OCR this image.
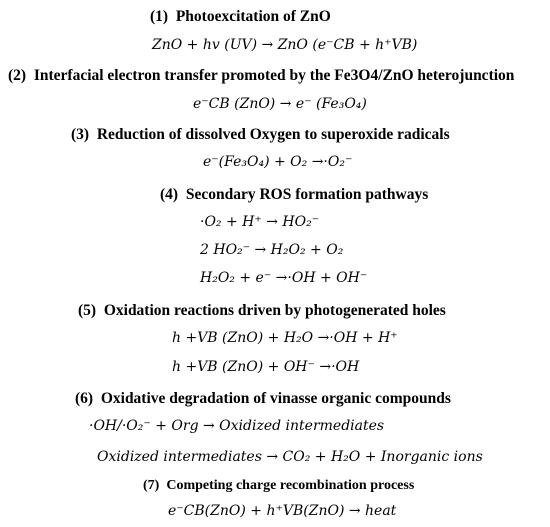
(1) Photoexcitation of ZnO
ZnO + hv (UV) → ZnO (e⁻CB + h⁺VB)
(2) Interfacial electron transfer promoted by the Fe3O4/ZnO heterojunction
e⁻CB (ZnO) → e⁻ (Fe₃O₄)
(3) Reduction of dissolved Oxygen to superoxide radicals
e⁻(Fe₃O₄) + O₂ →·O₂⁻
(4) Secondary ROS formation pathways
·O₂ + H⁺ → HO₂⁻
2 HO₂⁻ → H₂O₂ + O₂
H₂O₂ + e⁻ →·OH + OH⁻
(5) Oxidation reactions driven by photogenerated holes
h +VB (ZnO) + H₂O →·OH + H⁺
h +VB (ZnO) + OH⁻ →·OH
(6) Oxidative degradation of vinasse organic compounds
·OH/·O₂⁻ + Org → Oxidized intermediates
Oxidized intermediates → CO₂ + H₂O + Inorganic ions
(7) Competing charge recombination process
e⁻CB(ZnO) + h⁺VB(ZnO) → heat
